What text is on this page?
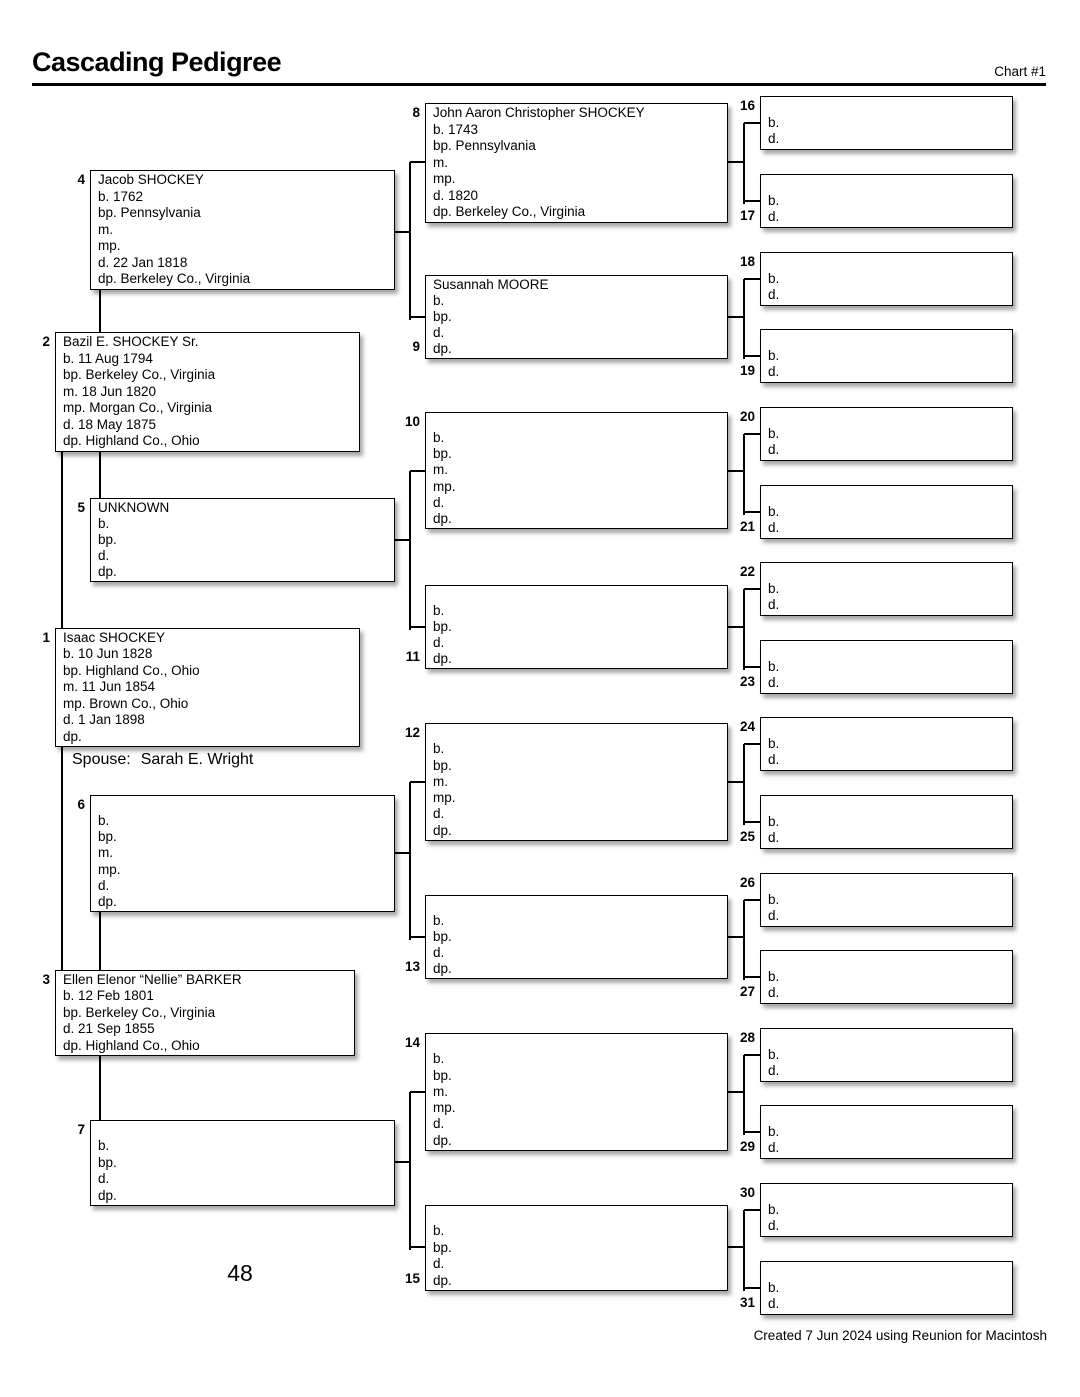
Cascading Pedigree	Chart #1
Isaac SHOCKEY
b. 10 Jun 1828
bp. Highland Co., Ohio
m. 11 Jun 1854
mp. Brown Co., Ohio
d. 1 Jan 1898
dp.
1
Bazil E. SHOCKEY Sr.
b. 11 Aug 1794
bp. Berkeley Co., Virginia
m. 18 Jun 1820
mp. Morgan Co., Virginia
d. 18 May 1875
dp. Highland Co., Ohio
2
Ellen Elenor “Nellie” BARKER
b. 12 Feb 1801
bp. Berkeley Co., Virginia
d. 21 Sep 1855
dp. Highland Co., Ohio
3
Jacob SHOCKEY
b. 1762
bp. Pennsylvania
m.
mp.
d. 22 Jan 1818
dp. Berkeley Co., Virginia
4
UNKNOWN
b.
bp.
d.
dp.
5
b.
bp.
m.
mp.
d.
dp.
6
b.
bp.
d.
dp.
7
John Aaron Christopher SHOCKEY
b. 1743
bp. Pennsylvania
m.
mp.
d. 1820
dp. Berkeley Co., Virginia
8
Susannah MOORE
b.
bp.
d.
dp.
9
b.
bp.
m.
mp.
d.
dp.
10
b.
bp.
d.
dp.
11
b.
bp.
m.
mp.
d.
dp.
12
b.
bp.
d.
dp.
13
b.
bp.
m.
mp.
d.
dp.
14
b.
bp.
d.
dp.
15
b.
d.
16
b.
d.
17
b.
d.
18
b.
d.
19
b.
d.
20
b.
d.
21
b.
d.
22
b.
d.
23
b.
d.
24
b.
d.
25
b.
d.
26
b.
d.
27
b.
d.
28
b.
d.
29
b.
d.
30
b.
d.
31
Spouse: Sarah E. Wright
48
Created 7 Jun 2024 using Reunion for Macintosh
